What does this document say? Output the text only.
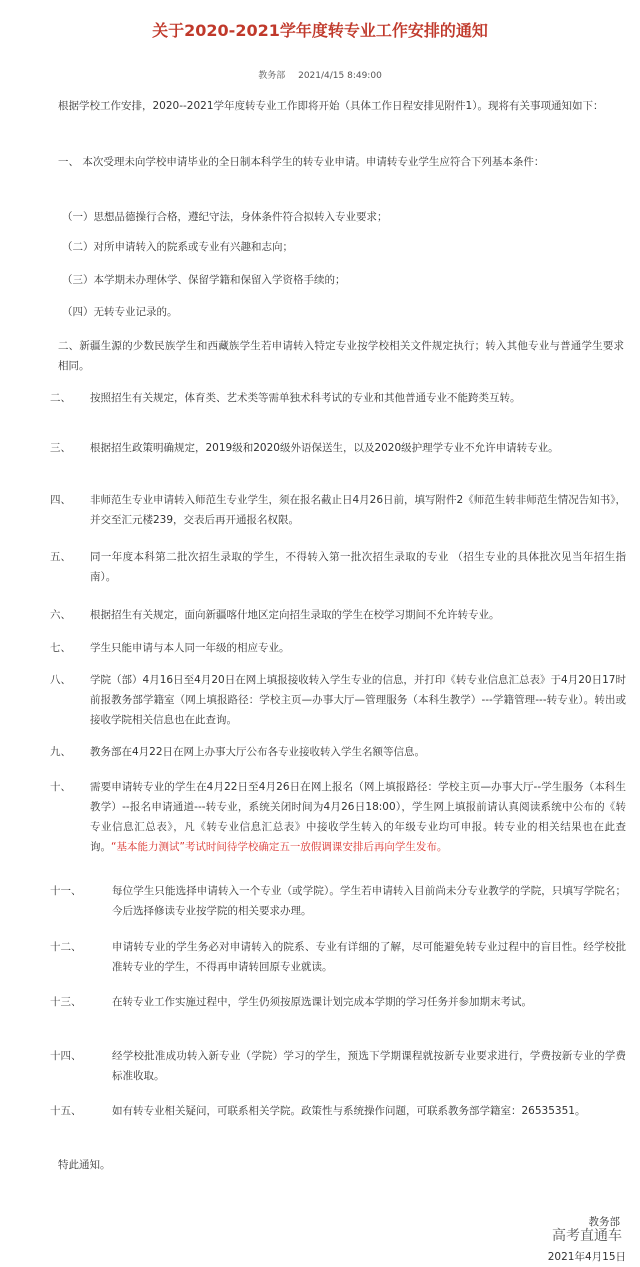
关于2020-2021学年度转专业工作安排的通知
教务部 2021/4/15 8:49:00
根据学校工作安排，2020--2021学年度转专业工作即将开始（具体工作日程安排见附件1）。现将有关事项通知如下：
一、 本次受理未向学校申请毕业的全日制本科学生的转专业申请。申请转专业学生应符合下列基本条件：
（一）思想品德操行合格，遵纪守法，身体条件符合拟转入专业要求；
（二）对所申请转入的院系或专业有兴趣和志向；
（三）本学期未办理休学、保留学籍和保留入学资格手续的；
（四）无转专业记录的。
二、新疆生源的少数民族学生和西藏族学生若申请转入特定专业按学校相关文件规定执行；转入其他专业与普通学生要求相同。
二、	按照招生有关规定，体育类、艺术类等需单独术科考试的专业和其他普通专业不能跨类互转。
三、	根据招生政策明确规定，2019级和2020级外语保送生，以及2020级护理学专业不允许申请转专业。
四、	非师范生专业申请转入师范生专业学生，须在报名截止日4月26日前，填写附件2《师范生转非师范生情况告知书》，并交至汇元楼239，交表后再开通报名权限。
五、	同一年度本科第二批次招生录取的学生，不得转入第一批次招生录取的专业 （招生专业的具体批次见当年招生指南）。
六、	根据招生有关规定，面向新疆喀什地区定向招生录取的学生在校学习期间不允许转专业。
七、	学生只能申请与本人同一年级的相应专业。
八、	学院（部）4月16日至4月20日在网上填报接收转入学生专业的信息，并打印《转专业信息汇总表》于4月20日17时前报教务部学籍室（网上填报路径：学校主页—办事大厅—管理服务（本科生教学）---学籍管理---转专业）。转出或接收学院相关信息也在此查询。
九、	教务部在4月22日在网上办事大厅公布各专业接收转入学生名额等信息。
十、	需要申请转专业的学生在4月22日至4月26日在网上报名（网上填报路径：学校主页—办事大厅--学生服务（本科生教学）--报名申请通道---转专业，系统关闭时间为4月26日18:00），学生网上填报前请认真阅读系统中公布的《转专业信息汇总表》，凡《转专业信息汇总表》中接收学生转入的年级专业均可申报。转专业的相关结果也在此查询。“基本能力测试”考试时间待学校确定五一放假调课安排后再向学生发布。
十一、	每位学生只能选择申请转入一个专业（或学院）。学生若申请转入目前尚未分专业教学的学院，只填写学院名；今后选择修读专业按学院的相关要求办理。
十二、	申请转专业的学生务必对申请转入的院系、专业有详细的了解，尽可能避免转专业过程中的盲目性。经学校批准转专业的学生，不得再申请转回原专业就读。
十三、	在转专业工作实施过程中，学生仍须按原选课计划完成本学期的学习任务并参加期末考试。
十四、	经学校批准成功转入新专业（学院）学习的学生，预选下学期课程就按新专业要求进行，学费按新专业的学费标准收取。
十五、	如有转专业相关疑问，可联系相关学院。政策性与系统操作问题，可联系教务部学籍室：26535351。
特此通知。
教务部
高考直通车
2021年4月15日
